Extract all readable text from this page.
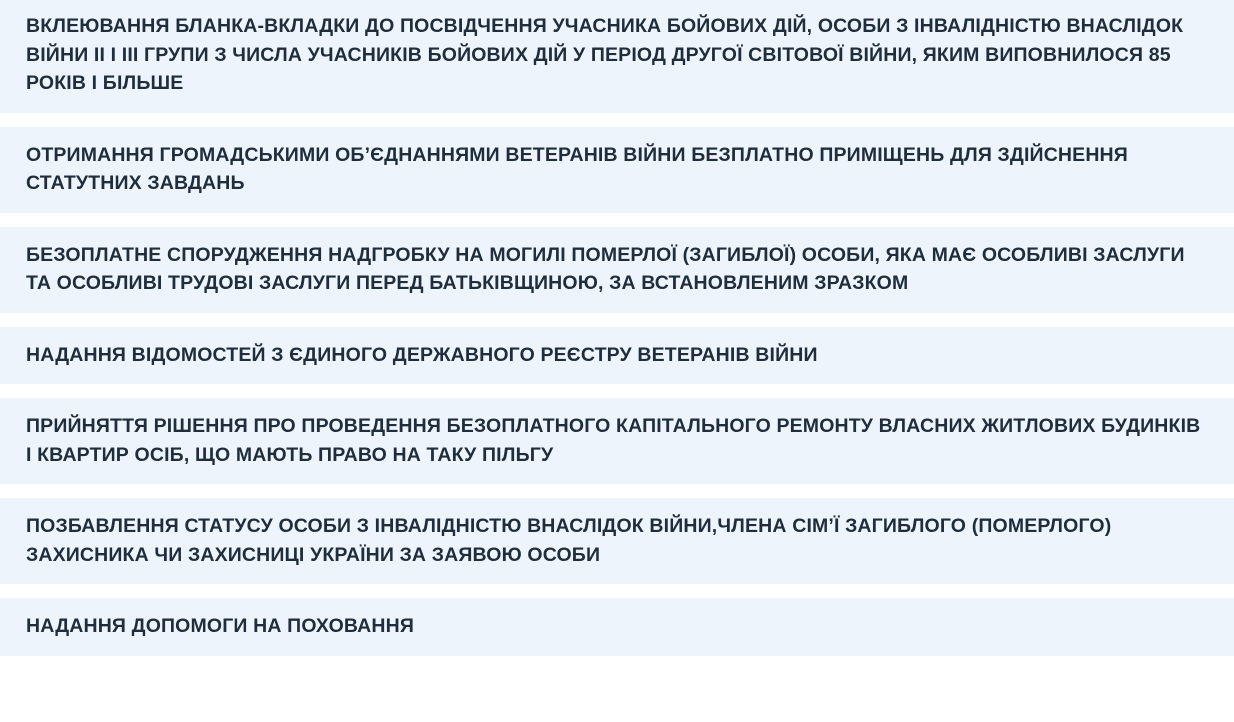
ВКЛЕЮВАННЯ БЛАНКА-ВКЛАДКИ ДО ПОСВІДЧЕННЯ УЧАСНИКА БОЙОВИХ ДІЙ, ОСОБИ З ІНВАЛІДНІСТЮ ВНАСЛІДОК ВІЙНИ II І III ГРУПИ З ЧИСЛА УЧАСНИКІВ БОЙОВИХ ДІЙ У ПЕРІОД ДРУГОЇ СВІТОВОЇ ВІЙНИ, ЯКИМ ВИПОВНИЛОСЯ 85 РОКІВ І БІЛЬШЕ
ОТРИМАННЯ ГРОМАДСЬКИМИ ОБ’ЄДНАННЯМИ ВЕТЕРАНІВ ВІЙНИ БЕЗПЛАТНО ПРИМІЩЕНЬ ДЛЯ ЗДІЙСНЕННЯ СТАТУТНИХ ЗАВДАНЬ
БЕЗОПЛАТНЕ СПОРУДЖЕННЯ НАДГРОБКУ НА МОГИЛІ ПОМЕРЛОЇ (ЗАГИБЛОЇ) ОСОБИ, ЯКА МАЄ ОСОБЛИВІ ЗАСЛУГИ ТА ОСОБЛИВІ ТРУДОВІ ЗАСЛУГИ ПЕРЕД БАТЬКІВЩИНОЮ, ЗА ВСТАНОВЛЕНИМ ЗРАЗКОМ
НАДАННЯ ВІДОМОСТЕЙ З ЄДИНОГО ДЕРЖАВНОГО РЕЄСТРУ ВЕТЕРАНІВ ВІЙНИ
ПРИЙНЯТТЯ РІШЕННЯ ПРО ПРОВЕДЕННЯ БЕЗОПЛАТНОГО КАПІТАЛЬНОГО РЕМОНТУ ВЛАСНИХ ЖИТЛОВИХ БУДИНКІВ І КВАРТИР ОСІБ, ЩО МАЮТЬ ПРАВО НА ТАКУ ПІЛЬГУ
ПОЗБАВЛЕННЯ СТАТУСУ ОСОБИ З ІНВАЛІДНІСТЮ ВНАСЛІДОК ВІЙНИ,ЧЛЕНА СІМ’Ї ЗАГИБЛОГО (ПОМЕРЛОГО) ЗАХИСНИКА ЧИ ЗАХИСНИЦІ УКРАЇНИ ЗА ЗАЯВОЮ ОСОБИ
НАДАННЯ ДОПОМОГИ НА ПОХОВАННЯ
